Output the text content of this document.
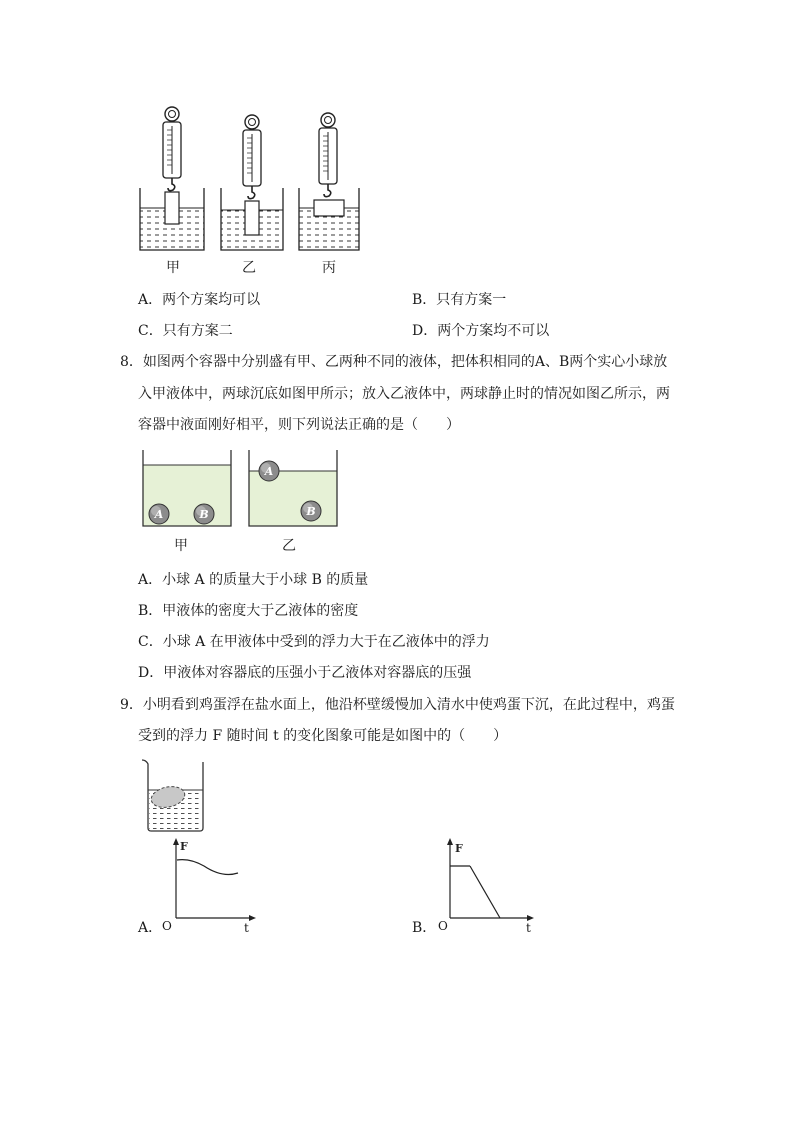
甲	乙	丙
A．两个方案均可以	B．只有方案一
C．只有方案二	D．两个方案均不可以
8．如图两个容器中分别盛有甲、乙两种不同的液体，把体积相同的A、B两个实心小球放
入甲液体中，两球沉底如图甲所示；放入乙液体中，两球静止时的情况如图乙所示，两
容器中液面刚好相平，则下列说法正确的是（　　）
A	B
A
B
甲	乙
A．小球 A 的质量大于小球 B 的质量
B．甲液体的密度大于乙液体的密度
C．小球 A 在甲液体中受到的浮力大于在乙液体中的浮力
D．甲液体对容器底的压强小于乙液体对容器底的压强
9．小明看到鸡蛋浮在盐水面上，他沿杯壁缓慢加入清水中使鸡蛋下沉，在此过程中，鸡蛋
受到的浮力 F 随时间 t 的变化图象可能是如图中的（　　）
F
A． O	t
F
B． O	t
